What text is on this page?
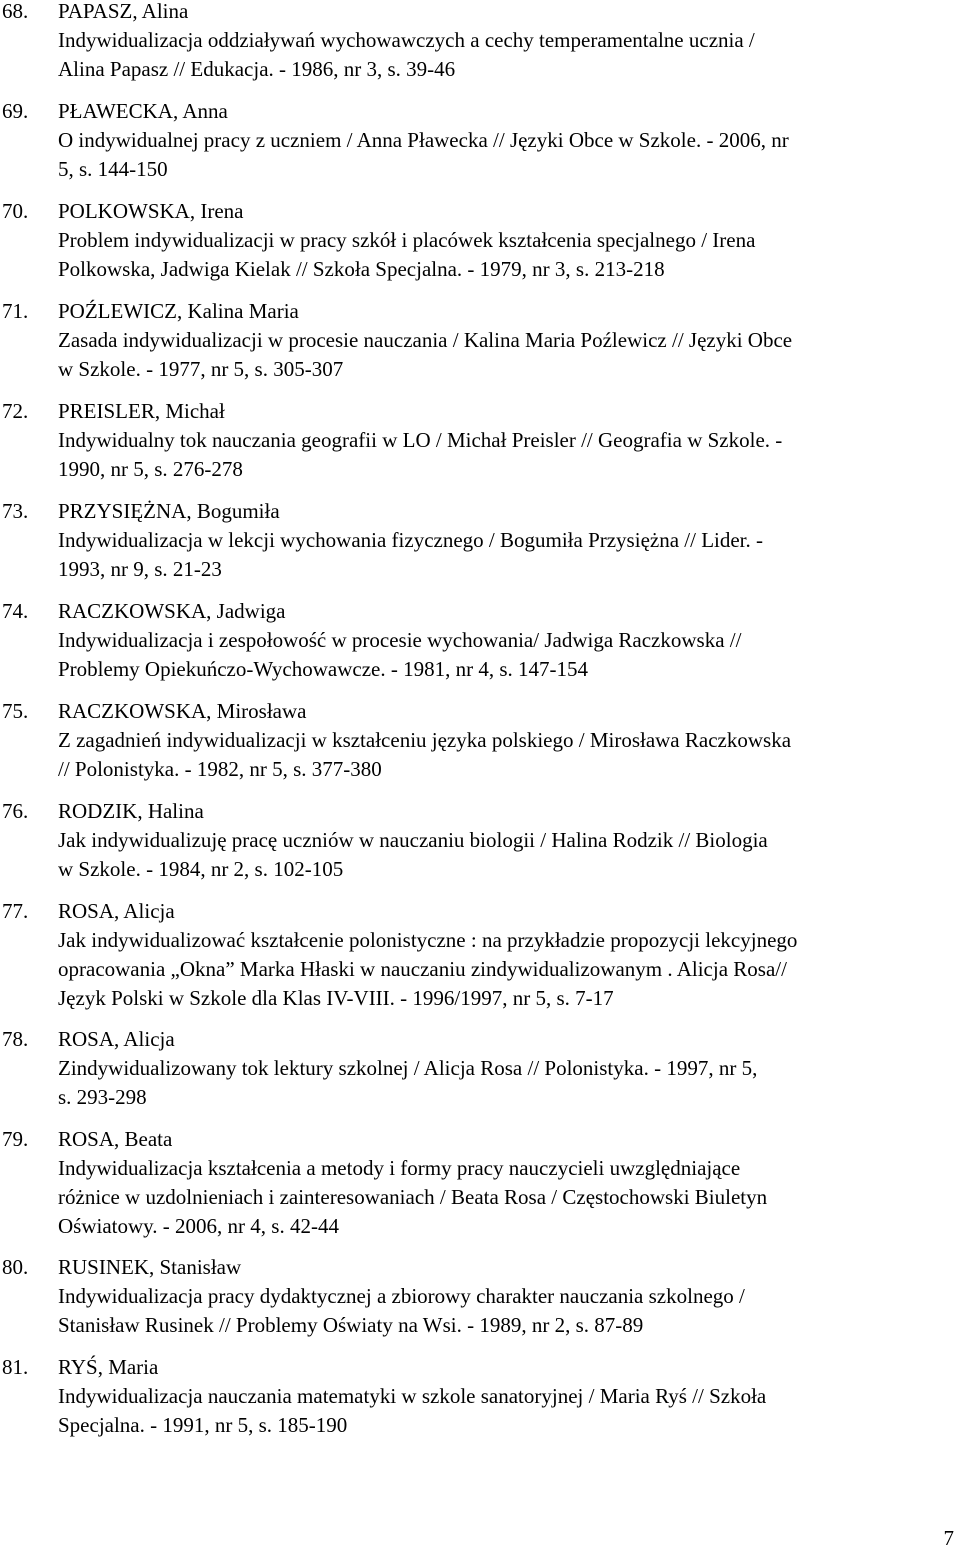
68.	PAPASZ, Alina
Indywidualizacja oddziaływań wychowawczych a cechy temperamentalne ucznia /
Alina Papasz // Edukacja. - 1986, nr 3, s. 39-46
69.	PŁAWECKA, Anna
O indywidualnej pracy z uczniem / Anna Pławecka // Języki Obce w Szkole. - 2006, nr
5, s. 144-150
70.	POLKOWSKA, Irena
Problem indywidualizacji w pracy szkół i placówek kształcenia specjalnego / Irena
Polkowska, Jadwiga Kielak // Szkoła Specjalna. - 1979, nr 3, s. 213-218
71.	POŹLEWICZ, Kalina Maria
Zasada indywidualizacji w procesie nauczania / Kalina Maria Poźlewicz // Języki Obce
w Szkole. - 1977, nr 5, s. 305-307
72.	PREISLER, Michał
Indywidualny tok nauczania geografii w LO / Michał Preisler // Geografia w Szkole. -
1990, nr 5, s. 276-278
73.	PRZYSIĘŻNA, Bogumiła
Indywidualizacja w lekcji wychowania fizycznego / Bogumiła Przysiężna // Lider. -
1993, nr 9, s. 21-23
74.	RACZKOWSKA, Jadwiga
Indywidualizacja i zespołowość w procesie wychowania/ Jadwiga Raczkowska //
Problemy Opiekuńczo-Wychowawcze. - 1981, nr 4, s. 147-154
75.	RACZKOWSKA, Mirosława
Z zagadnień indywidualizacji w kształceniu języka polskiego / Mirosława Raczkowska
// Polonistyka. - 1982, nr 5, s. 377-380
76.	RODZIK, Halina
Jak indywidualizuję pracę uczniów w nauczaniu biologii / Halina Rodzik // Biologia
w Szkole. - 1984, nr 2, s. 102-105
77.	ROSA, Alicja
Jak indywidualizować kształcenie polonistyczne : na przykładzie propozycji lekcyjnego
opracowania „Okna” Marka Hłaski w nauczaniu zindywidualizowanym . Alicja Rosa//
Język Polski w Szkole dla Klas IV-VIII. - 1996/1997, nr 5, s. 7-17
78.	ROSA, Alicja
Zindywidualizowany tok lektury szkolnej / Alicja Rosa // Polonistyka. - 1997, nr 5,
s. 293-298
79.	ROSA, Beata
Indywidualizacja kształcenia a metody i formy pracy nauczycieli uwzględniające
różnice w uzdolnieniach i zainteresowaniach / Beata Rosa / Częstochowski Biuletyn
Oświatowy. - 2006, nr 4, s. 42-44
80.	RUSINEK, Stanisław
Indywidualizacja pracy dydaktycznej a zbiorowy charakter nauczania szkolnego /
Stanisław Rusinek // Problemy Oświaty na Wsi. - 1989, nr 2, s. 87-89
81.	RYŚ, Maria
Indywidualizacja nauczania matematyki w szkole sanatoryjnej / Maria Ryś // Szkoła
Specjalna. - 1991, nr 5, s. 185-190
7
